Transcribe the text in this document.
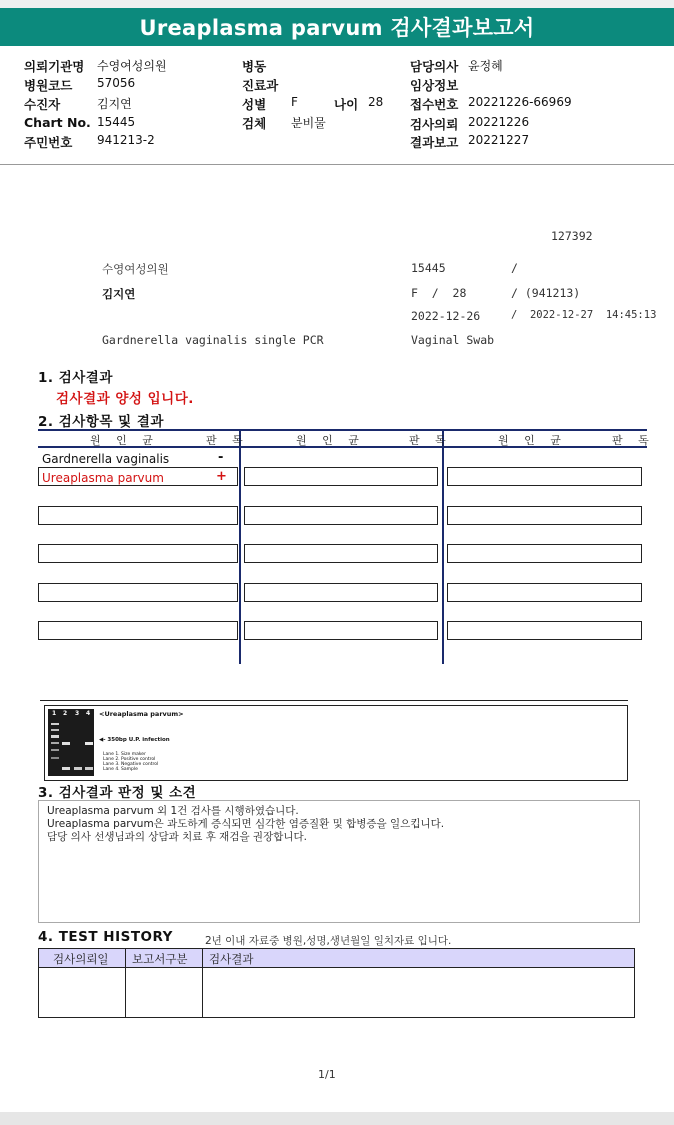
Ureaplasma parvum 검사결과보고서
의뢰기관명 수영여성의원
병원코드 57056
수진자	김지연
Chart No. 15445
주민번호 941213-2
병동
진료과
성별 F	나이 28
검체 분비물
담당의사 윤정혜
임상정보
접수번호 20221226-66969
검사의뢰 20221226
결과보고 20221227
127392
수영여성의원	15445	/
김지연	F  /  28	/ (941213)
2022-12-26	/  2022-12-27  14:45:13
Gardnerella vaginalis single PCR	Vaginal Swab
1. 검사결과
검사결과 양성 입니다.
2. 검사항목 및 결과
원 인 균	판 독	원 인 균	판 독	원 인 균	판 독
Gardnerella vaginalis	-
Ureaplasma parvum	+
1 2 3 4 <Ureaplasma parvum>
◀- 350bp U.P. infection
Lane 1. Size maker
Lane 2. Positive control
Lane 3. Negative control
Lane 4. Sample
3. 검사결과 판정 및 소견
Ureaplasma parvum 외 1건 검사를 시행하였습니다.
Ureaplasma parvum은 과도하게 증식되면 심각한 염증질환 및 합병증을 일으킵니다.
담당 의사 선생님과의 상담과 치료 후 재검을 권장합니다.
4. TEST HISTORY	2년 이내 자료중 병원,성명,생년월일 일치자료 입니다.
검사의뢰일 보고서구분 검사결과
1/1
